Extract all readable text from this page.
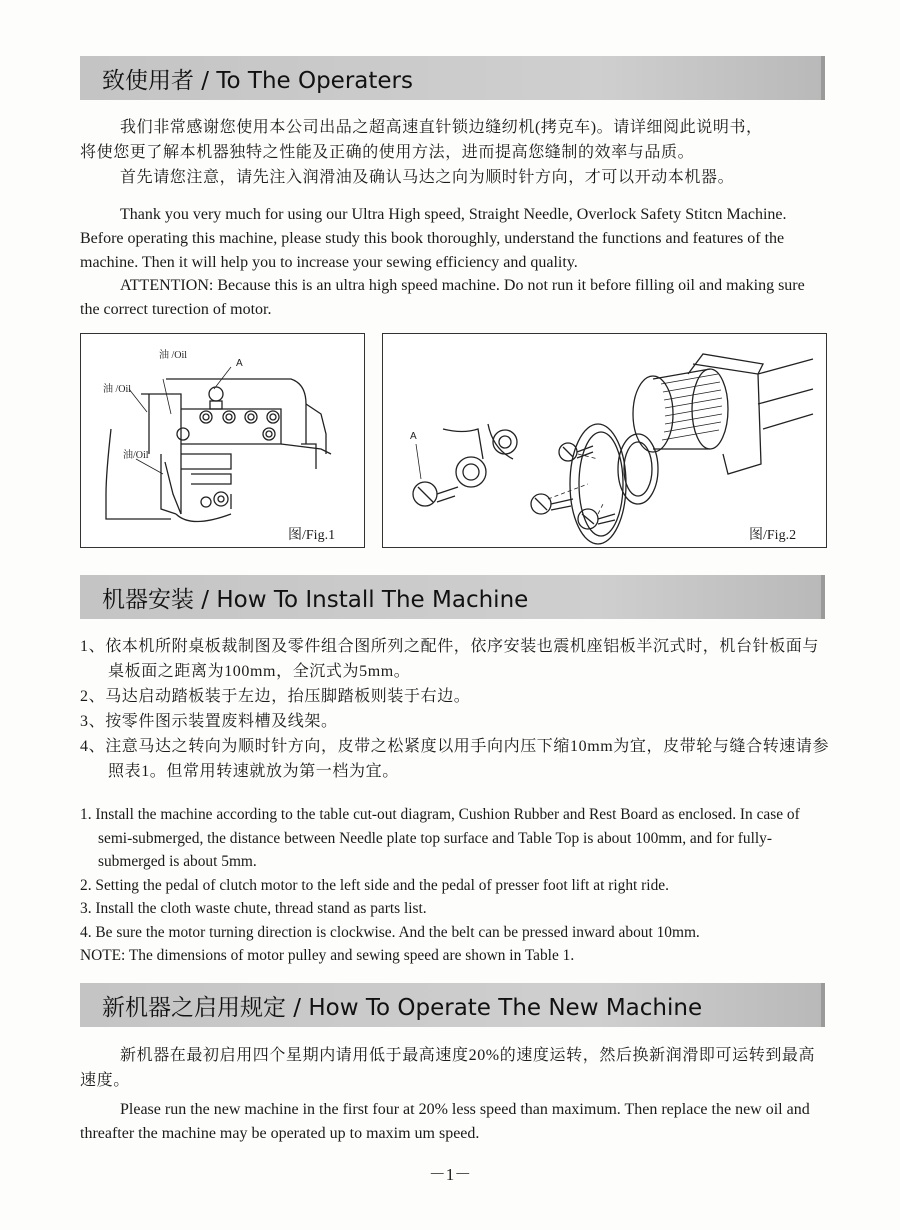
致使用者 / To The Operaters
我们非常感谢您使用本公司出品之超高速直针锁边缝纫机(拷克车)。请详细阅此说明书，
将使您更了解本机器独特之性能及正确的使用方法，进而提高您缝制的效率与品质。
首先请您注意，请先注入润滑油及确认马达之向为顺时针方向，才可以开动本机器。

Thank you very much for using our Ultra High speed, Straight Needle, Overlock Safety Stitcn Machine. Before operating this machine, please study this book thoroughly, understand the functions and features of the machine. Then it will help you to increase your sewing efficiency and quality.

ATTENTION: Because this is an ultra high speed machine. Do not run it before filling oil and making sure the correct turection of motor.

油 /Oil
A
油 /Oil
油/Oil
图/Fig.1
A
图/Fig.2
机器安装 / How To Install The Machine
1、依本机所附桌板裁制图及零件组合图所列之配件，依序安装也震机座铝板半沉式时，机台针板面与桌板面之距离为100mm，全沉式为5mm。
2、马达启动踏板装于左边，抬压脚踏板则装于右边。
3、按零件图示装置废料槽及线架。
4、注意马达之转向为顺时针方向，皮带之松紧度以用手向内压下缩10mm为宜，皮带轮与缝合转速请参照表1。但常用转速就放为第一档为宜。
1. Install the machine according to the table cut-out diagram, Cushion Rubber and Rest Board as enclosed. In case of semi-submerged, the distance between Needle plate top surface and Table Top is about 100mm, and for fully-submerged is about 5mm.
2. Setting the pedal of clutch motor to the left side and the pedal of presser foot lift at right ride.
3. Install the cloth waste chute, thread stand as parts list.
4. Be sure the motor turning direction is clockwise. And the belt can be pressed inward about 10mm.
NOTE: The dimensions of motor pulley and sewing speed are shown in Table 1.
新机器之启用规定 / How To Operate The New Machine

新机器在最初启用四个星期内请用低于最高速度20%的速度运转，然后换新润滑即可运转到最高速度。

Please run the new machine in the first four at 20% less speed than maximum. Then replace the new oil and threafter the machine may be operated up to maxim um speed.

－1－
